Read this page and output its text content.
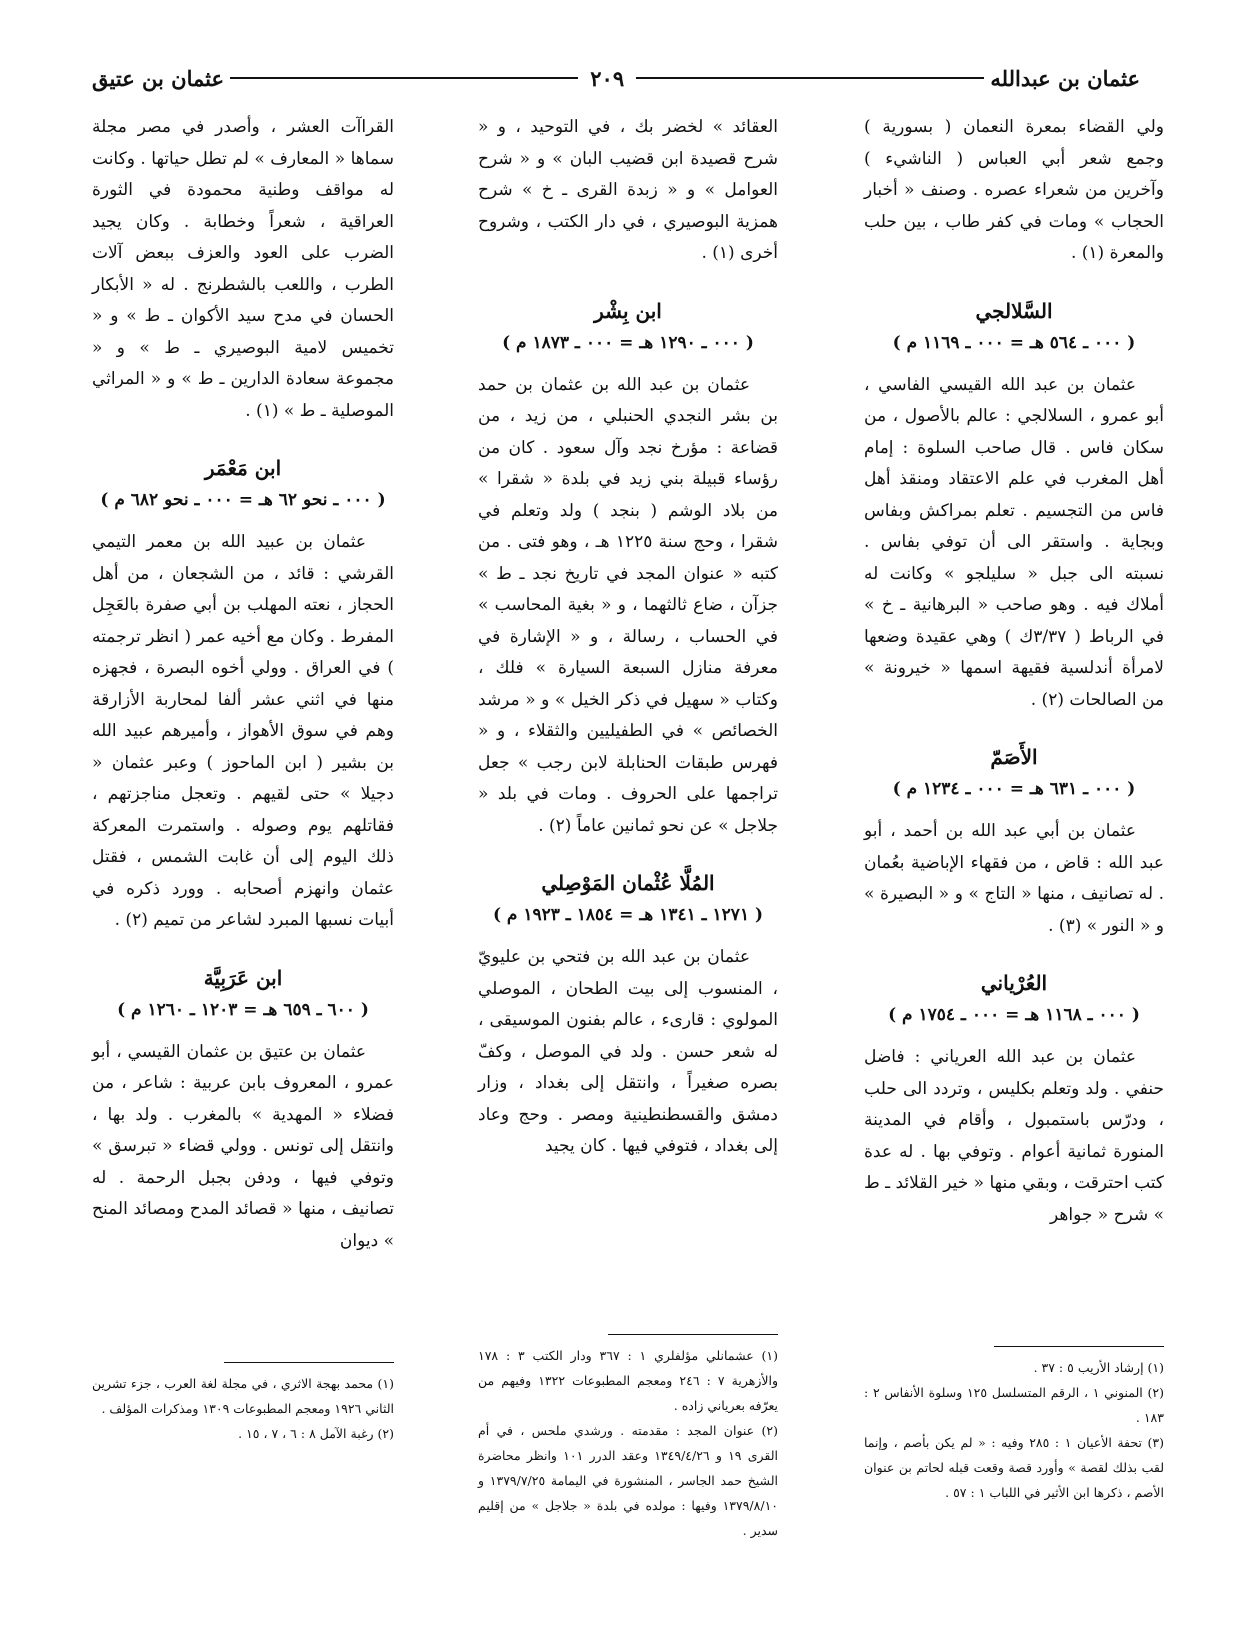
عثمان بن عبدالله
٢٠٩
عثمان بن عتيق

ولي القضاء بمعرة النعمان ( بسورية ) وجمع شعر أبي العباس ( الناشيء ) وآخرين من شعراء عصره . وصنف « أخبار الحجاب » ومات في كفر طاب ، بين حلب والمعرة (١) .

السَّلالجي
( ٠٠٠ ـ ٥٦٤ هـ = ٠٠٠ ـ ١١٦٩ م )

عثمان بن عبد الله القيسي الفاسي ، أبو عمرو ، السلالجي : عالم بالأصول ، من سكان فاس . قال صاحب السلوة : إمام أهل المغرب في علم الاعتقاد ومنقذ أهل فاس من التجسيم . تعلم بمراكش وبفاس وبجاية . واستقر الى أن توفي بفاس . نسبته الى جبل « سليلجو » وكانت له أملاك فيه . وهو صاحب « البرهانية ـ خ » في الرباط ( ٣/٣٧ك ) وهي عقيدة وضعها لامرأة أندلسية فقيهة اسمها « خيرونة » من الصالحات (٢) .

الأَصَمّ
( ٠٠٠ ـ ٦٣١ هـ = ٠٠٠ ـ ١٢٣٤ م )

عثمان بن أبي عبد الله بن أحمد ، أبو عبد الله : قاض ، من فقهاء الإباضية بعُمان . له تصانيف ، منها « التاج » و « البصيرة » و « النور » (٣) .

العُرْياني
( ٠٠٠ ـ ١١٦٨ هـ = ٠٠٠ ـ ١٧٥٤ م )

عثمان بن عبد الله العرياني : فاضل حنفي . ولد وتعلم بكليس ، وتردد الى حلب ، ودرّس باستمبول ، وأقام في المدينة المنورة ثمانية أعوام . وتوفي بها . له عدة كتب احترقت ، وبقي منها « خير القلائد ـ ط » شرح « جواهر

(١) إرشاد الأريب ٥ : ٣٧ .

(٢) المنوني ١ ، الرقم المتسلسل ١٢٥ وسلوة الأنفاس ٢ : ١٨٣ .

(٣) تحفة الأعيان ١ : ٢٨٥ وفيه : « لم يكن بأصم ، وإنما لقب بذلك لقصة » وأورد قصة وقعت قبله لحاتم بن عنوان الأصم ، ذكرها ابن الأثير في اللباب ١ : ٥٧ .

العقائد » لخضر بك ، في التوحيد ، و « شرح قصيدة ابن قضيب البان » و « شرح العوامل » و « زبدة القرى ـ خ » شرح همزية البوصيري ، في دار الكتب ، وشروح أخرى (١) .

ابن بِشْر
( ٠٠٠ ـ ١٢٩٠ هـ = ٠٠٠ ـ ١٨٧٣ م )

عثمان بن عبد الله بن عثمان بن حمد بن بشر النجدي الحنبلي ، من زيد ، من قضاعة : مؤرخ نجد وآل سعود . كان من رؤساء قبيلة بني زيد في بلدة « شقرا » من بلاد الوشم ( بنجد ) ولد وتعلم في شقرا ، وحج سنة ١٢٢٥ هـ ، وهو فتى . من كتبه « عنوان المجد في تاريخ نجد ـ ط » جزآن ، ضاع ثالثهما ، و « بغية المحاسب » في الحساب ، رسالة ، و « الإشارة في معرفة منازل السبعة السيارة » فلك ، وكتاب « سهيل في ذكر الخيل » و « مرشد الخصائص » في الطفيليين والثقلاء ، و « فهرس طبقات الحنابلة لابن رجب » جعل تراجمها على الحروف . ومات في بلد « جلاجل » عن نحو ثمانين عاماً (٢) .

المُلَّا عُثْمان المَوْصِلي
( ١٢٧١ ـ ١٣٤١ هـ = ١٨٥٤ ـ ١٩٢٣ م )

عثمان بن عبد الله بن فتحي بن عليويّ ، المنسوب إلى بيت الطحان ، الموصلي المولوي : قارىء ، عالم بفنون الموسيقى ، له شعر حسن . ولد في الموصل ، وكفّ بصره صغيراً ، وانتقل إلى بغداد ، وزار دمشق والقسطنطينية ومصر . وحج وعاد إلى بغداد ، فتوفي فيها . كان يجيد

(١) عشمانلي مؤلفلري ١ : ٣٦٧ ودار الكتب ٣ : ١٧٨ والأزهرية ٧ : ٢٤٦ ومعجم المطبوعات ١٣٢٢ وفيهم من يعرّفه بعرياني زاده .

(٢) عنوان المجد : مقدمته . ورشدي ملحس ، في أم القرى ١٩ و ١٣٤٩/٤/٢٦ وعقد الدرر ١٠١ وانظر محاضرة الشيخ حمد الجاسر ، المنشورة في اليمامة ١٣٧٩/٧/٢٥ و ١٣٧٩/٨/١٠ وفيها : مولده في بلدة « جلاجل » من إقليم سدير .

القراآت العشر ، وأصدر في مصر مجلة سماها « المعارف » لم تطل حياتها . وكانت له مواقف وطنية محمودة في الثورة العراقية ، شعراً وخطابة . وكان يجيد الضرب على العود والعزف ببعض آلات الطرب ، واللعب بالشطرنج . له « الأبكار الحسان في مدح سيد الأكوان ـ ط » و « تخميس لامية البوصيري ـ ط » و « مجموعة سعادة الدارين ـ ط » و « المراثي الموصلية ـ ط » (١) .

ابن مَعْمَر
( ٠٠٠ ـ نحو ٦٢ هـ = ٠٠٠ ـ نحو ٦٨٢ م )

عثمان بن عبيد الله بن معمر التيمي القرشي : قائد ، من الشجعان ، من أهل الحجاز ، نعته المهلب بن أبي صفرة بالعَجِل المفرط . وكان مع أخيه عمر ( انظر ترجمته ) في العراق . وولي أخوه البصرة ، فجهزه منها في اثني عشر ألفا لمحاربة الأزارقة وهم في سوق الأهواز ، وأميرهم عبيد الله بن بشير ( ابن الماحوز ) وعبر عثمان « دجيلا » حتى لقيهم . وتعجل مناجزتهم ، فقاتلهم يوم وصوله . واستمرت المعركة ذلك اليوم إلى أن غابت الشمس ، فقتل عثمان وانهزم أصحابه . وورد ذكره في أبيات نسبها المبرد لشاعر من تميم (٢) .

ابن عَرَبِيَّة
( ٦٠٠ ـ ٦٥٩ هـ = ١٢٠٣ ـ ١٢٦٠ م )

عثمان بن عتيق بن عثمان القيسي ، أبو عمرو ، المعروف بابن عربية : شاعر ، من فضلاء « المهدية » بالمغرب . ولد بها ، وانتقل إلى تونس . وولي قضاء « تبرسق » وتوفي فيها ، ودفن بجبل الرحمة . له تصانيف ، منها « قصائد المدح ومصائد المنح » ديوان

(١) محمد بهجة الاثري ، في مجلة لغة العرب ، جزء تشرين الثاني ١٩٢٦ ومعجم المطبوعات ١٣٠٩ ومذكرات المؤلف .

(٢) رغبة الآمل ٨ : ٦ ، ٧ ، ١٥ .
